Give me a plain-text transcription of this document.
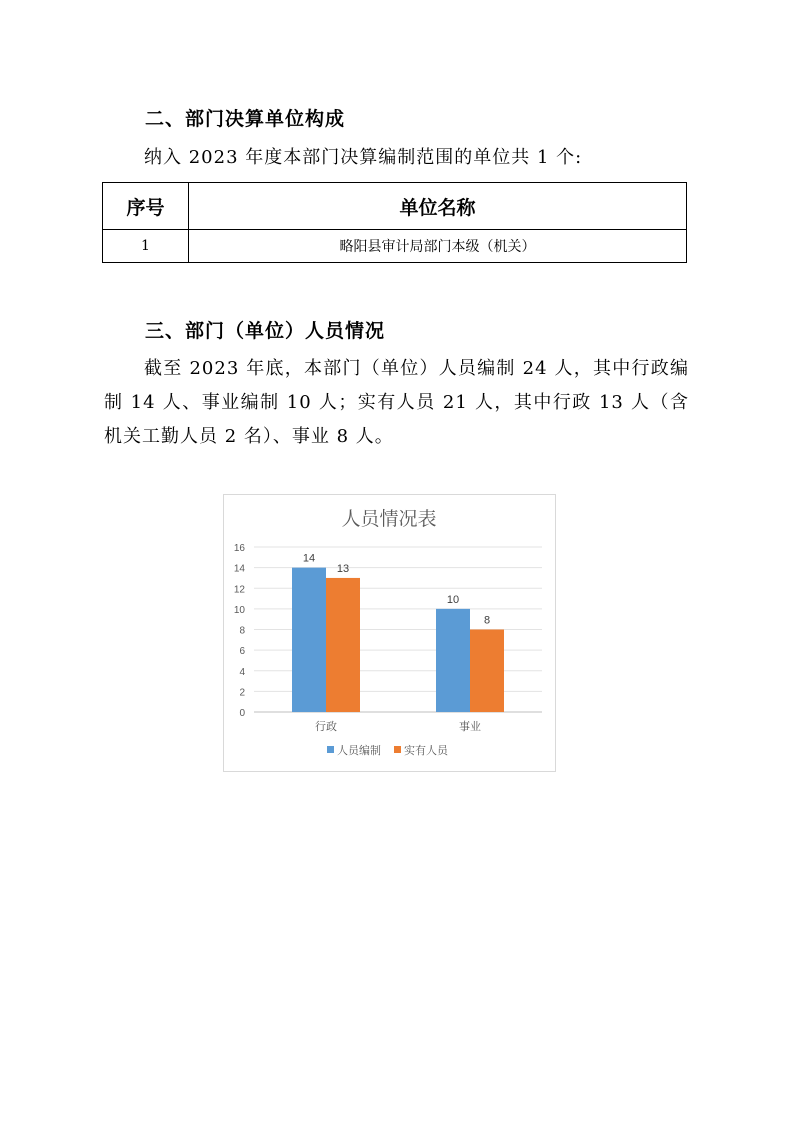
二、部门决算单位构成
纳入 2023 年度本部门决算编制范围的单位共 1 个:
序号	单位名称
1	略阳县审计局部门本级（机关）
三、部门（单位）人员情况
截至 2023 年底，本部门（单位）人员编制 24 人，其中行政编制 14 人、事业编制 10 人；实有人员 21 人，其中行政 13 人（含机关工勤人员 2 名）、事业 8 人。
人员情况表
0
2
4
6
8
10
12
14
16
14
13
行政
10
8
事业
人员编制 实有人员
